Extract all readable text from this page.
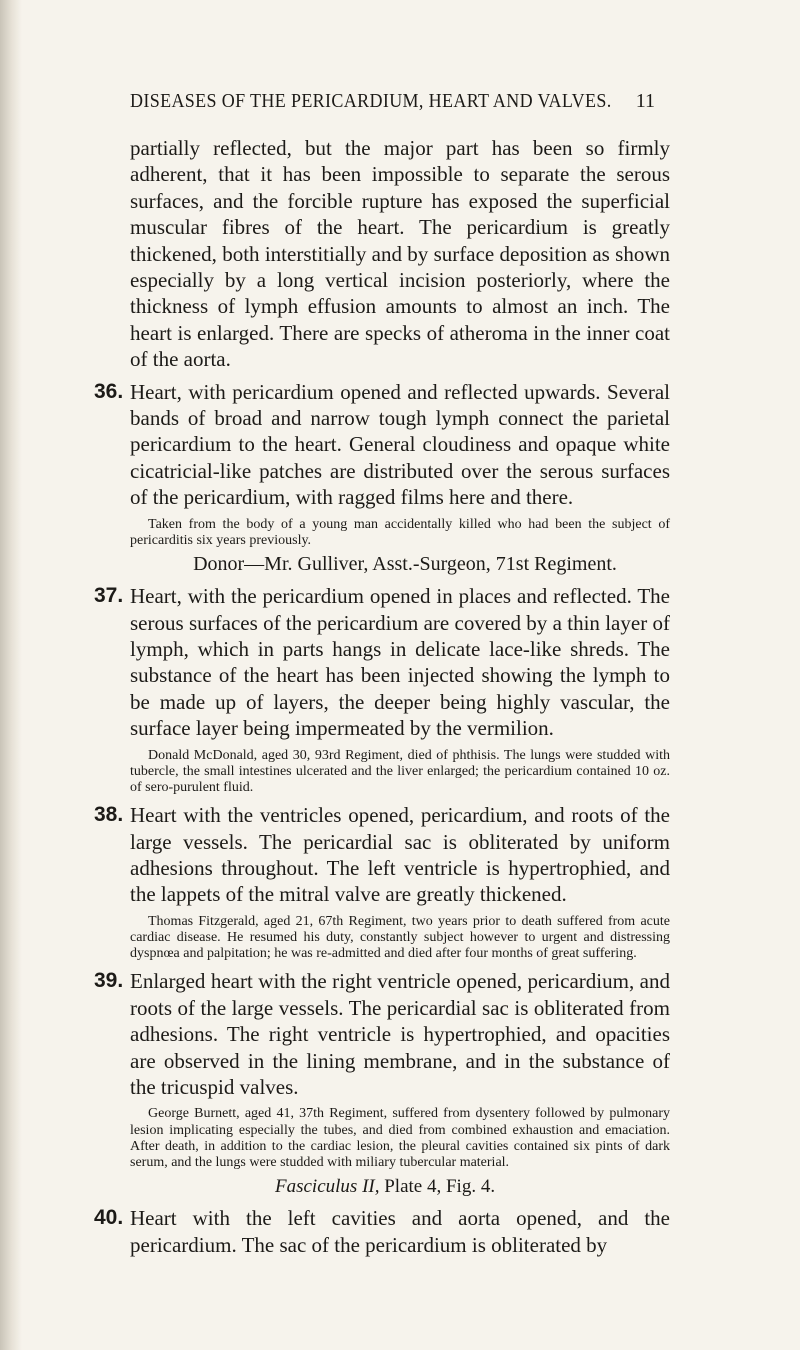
DISEASES OF THE PERICARDIUM, HEART AND VALVES. 11

partially reflected, but the major part has been so firmly adherent, that it has been impossible to separate the serous surfaces, and the forcible rupture has exposed the superficial muscular fibres of the heart. The pericardium is greatly thickened, both interstitially and by surface deposition as shown especially by a long vertical incision posteriorly, where the thickness of lymph effusion amounts to almost an inch. The heart is enlarged. There are specks of atheroma in the inner coat of the aorta.

36. Heart, with pericardium opened and reflected upwards. Several bands of broad and narrow tough lymph connect the parietal pericardium to the heart. General cloudiness and opaque white cicatricial-like patches are distributed over the serous surfaces of the pericardium, with ragged films here and there.

Taken from the body of a young man accidentally killed who had been the subject of pericarditis six years previously.

Donor—Mr. Gulliver, Asst.-Surgeon, 71st Regiment.

37. Heart, with the pericardium opened in places and reflected. The serous surfaces of the pericardium are covered by a thin layer of lymph, which in parts hangs in delicate lace-like shreds. The substance of the heart has been injected showing the lymph to be made up of layers, the deeper being highly vascular, the surface layer being impermeated by the vermilion.

Donald McDonald, aged 30, 93rd Regiment, died of phthisis. The lungs were studded with tubercle, the small intestines ulcerated and the liver enlarged; the pericardium contained 10 oz. of sero-purulent fluid.

38. Heart with the ventricles opened, pericardium, and roots of the large vessels. The pericardial sac is obliterated by uniform adhesions throughout. The left ventricle is hypertrophied, and the lappets of the mitral valve are greatly thickened.

Thomas Fitzgerald, aged 21, 67th Regiment, two years prior to death suffered from acute cardiac disease. He resumed his duty, constantly subject however to urgent and distressing dyspnœa and palpitation; he was re-admitted and died after four months of great suffering.

39. Enlarged heart with the right ventricle opened, pericardium, and roots of the large vessels. The pericardial sac is obliterated from adhesions. The right ventricle is hypertrophied, and opacities are observed in the lining membrane, and in the substance of the tricuspid valves.

George Burnett, aged 41, 37th Regiment, suffered from dysentery followed by pulmonary lesion implicating especially the tubes, and died from combined exhaustion and emaciation. After death, in addition to the cardiac lesion, the pleural cavities contained six pints of dark serum, and the lungs were studded with miliary tubercular material.

Fasciculus II, Plate 4, Fig. 4.

40. Heart with the left cavities and aorta opened, and the pericardium. The sac of the pericardium is obliterated by
